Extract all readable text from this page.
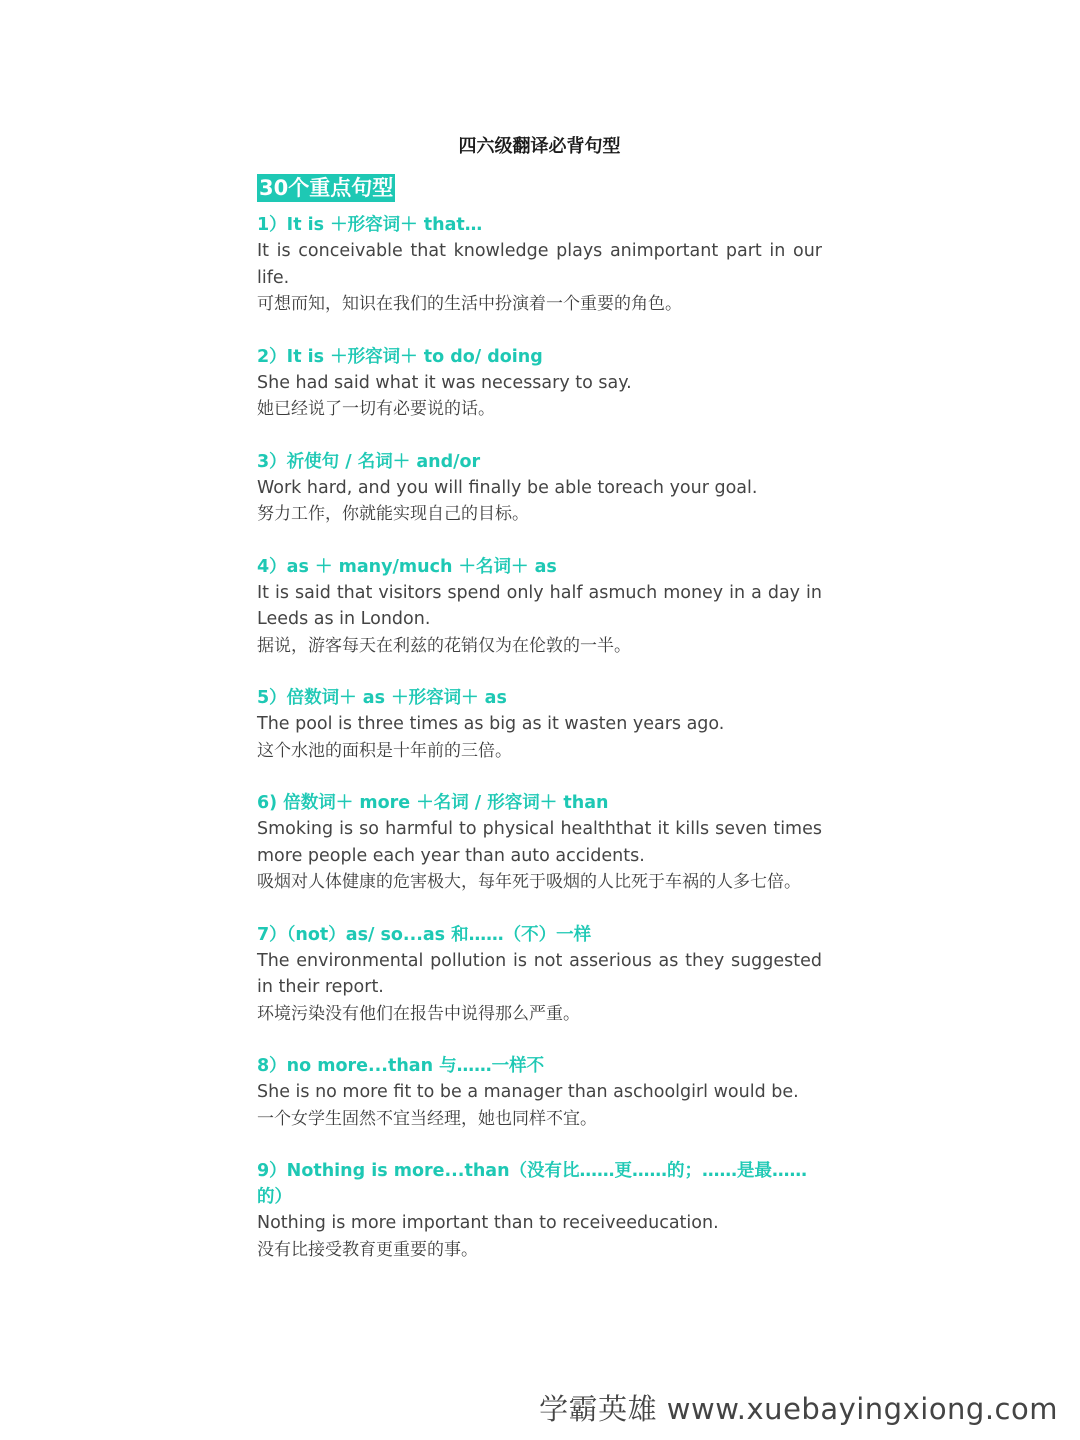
四六级翻译必背句型
30个重点句型
1）It is ＋形容词＋ that…
It is conceivable that knowledge plays animportant part in our life.
可想而知，知识在我们的生活中扮演着一个重要的角色。
2）It is ＋形容词＋ to do/ doing
She had said what it was necessary to say.
她已经说了一切有必要说的话。
3）祈使句 / 名词＋ and/or
Work hard, and you will finally be able toreach your goal.
努力工作，你就能实现自己的目标。
4）as ＋ many/much ＋名词＋ as
It is said that visitors spend only half asmuch money in a day in Leeds as in London.
据说，游客每天在利兹的花销仅为在伦敦的一半。
5）倍数词＋ as ＋形容词＋ as
The pool is three times as big as it wasten years ago.
这个水池的面积是十年前的三倍。
6) 倍数词＋ more ＋名词 / 形容词＋ than
Smoking is so harmful to physical healththat it kills seven times more people each year than auto accidents.
吸烟对人体健康的危害极大，每年死于吸烟的人比死于车祸的人多七倍。
7）（not）as/ so...as 和……（不）一样
The environmental pollution is not asserious as they suggested in their report.
环境污染没有他们在报告中说得那么严重。
8）no more...than 与……一样不
She is no more fit to be a manager than aschoolgirl would be.
一个女学生固然不宜当经理，她也同样不宜。
9）Nothing is more...than（没有比……更……的；……是最……的）
Nothing is more important than to receiveeducation.
没有比接受教育更重要的事。
学霸英雄 www.xuebayingxiong.com
